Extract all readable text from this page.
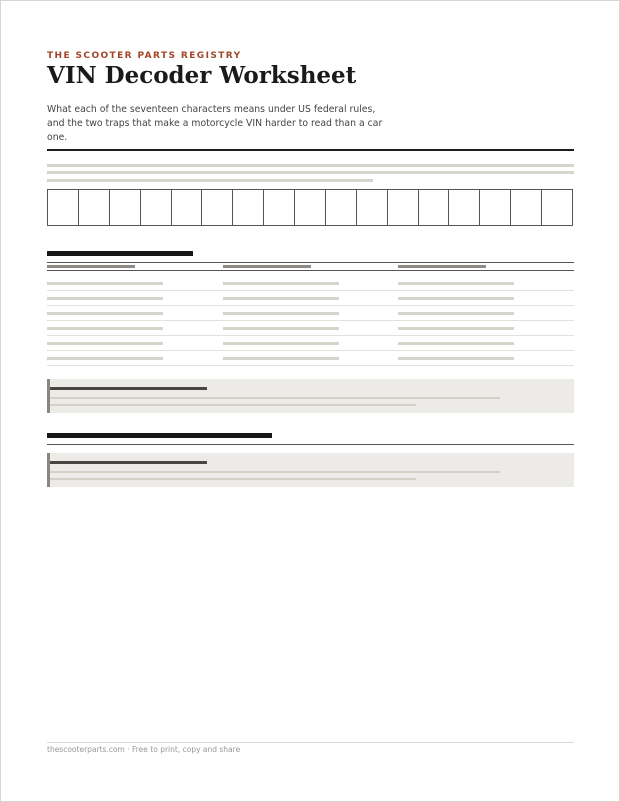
THE SCOOTER PARTS REGISTRY
VIN Decoder Worksheet
What each of the seventeen characters means under US federal rules, and the two traps that make a motorcycle VIN harder to read than a car one.
thescooterparts.com · Free to print, copy and share
